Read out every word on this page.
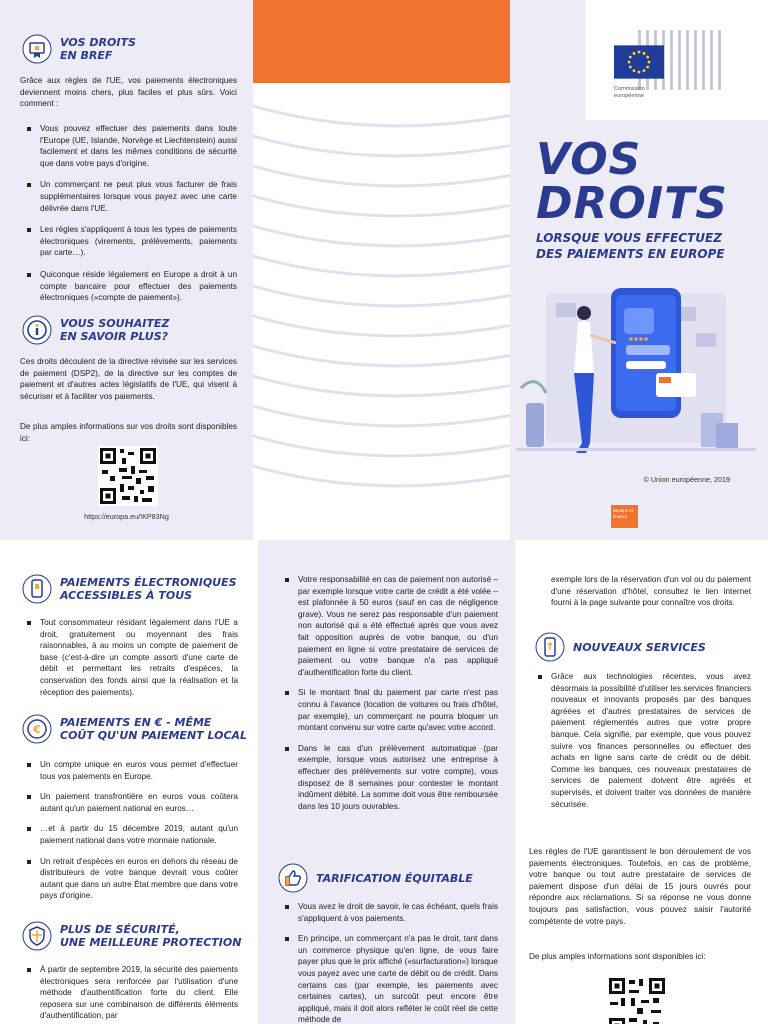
VOS DROITS
EN BREF

Grâce aux règles de l'UE, vos paiements électroniques deviennent moins chers, plus faciles et plus sûrs. Voici comment :

Vous pouvez effectuer des paiements dans toute l'Europe (UE, Islande, Norvège et Liechtenstein) aussi facilement et dans les mêmes conditions de sécurité que dans votre pays d'origine.
Un commerçant ne peut plus vous facturer de frais supplémentaires lorsque vous payez avec une carte délivrée dans l'UE.
Les règles s'appliquent à tous les types de paiements électroniques (virements, prélèvements, paiements par carte…).
Quiconque réside légalement en Europe a droit à un compte bancaire pour effectuer des paiements électroniques («compte de paiement»).
VOUS SOUHAITEZ
EN SAVOIR PLUS?

Ces droits découlent de la directive révisée sur les services de paiement (DSP2), de la directive sur les comptes de paiement et d'autres actes législatifs de l'UE, qui visent à sécuriser et à faciliter vos paiements.

De plus amples informations sur vos droits sont disponibles ici:

https://europa.eu/!KP83Ng
Commission
européenne
VOS
DROITS
LORSQUE VOUS EFFECTUEZ
DES PAIEMENTS EN EUROPE
© Union européenne, 2019
Banque et
finance
PAIEMENTS ÉLECTRONIQUES
ACCESSIBLES À TOUS
Tout consommateur résidant légalement dans l'UE a droit, gratuitement ou moyennant des frais raisonnables, à au moins un compte de paiement de base (c'est-à-dire un compte assorti d'une carte de débit et permettant les retraits d'espèces, la conservation des fonds ainsi que la réalisation et la réception des paiements).
€
PAIEMENTS EN € - MÊME
COÛT QU'UN PAIEMENT LOCAL
Un compte unique en euros vous permet d'effectuer tous vos paiements en Europe.
Un paiement transfrontière en euros vous coûtera autant qu'un paiement national en euros…
…et à partir du 15 décembre 2019, autant qu'un paiement national dans votre monnaie nationale.
Un retrait d'espèces en euros en dehors du réseau de distributeurs de votre banque devrait vous coûter autant que dans un autre État membre que dans votre pays d'origine.
PLUS DE SÉCURITÉ,
UNE MEILLEURE PROTECTION
À partir de septembre 2019, la sécurité des paiements électroniques sera renforcée par l'utilisation d'une méthode d'authentification forte du client. Elle reposera sur une combinaison de différents éléments d'authentification, par
Votre responsabilité en cas de paiement non autorisé – par exemple lorsque votre carte de crédit a été volée – est plafonnée à 50 euros (sauf en cas de négligence grave). Vous ne serez pas responsable d'un paiement non autorisé qui a été effectué après que vous avez fait opposition auprès de votre banque, ou d'un paiement en ligne si votre prestataire de services de paiement ou votre banque n'a pas appliqué d'authentification forte du client.
Si le montant final du paiement par carte n'est pas connu à l'avance (location de voitures ou frais d'hôtel, par exemple), un commerçant ne pourra bloquer un montant convenu sur votre carte qu'avec votre accord.
Dans le cas d'un prélèvement automatique (par exemple, lorsque vous autorisez une entreprise à effectuer des prélèvements sur votre compte), vous disposez de 8 semaines pour contester le montant indûment débité. La somme doit vous être remboursée dans les 10 jours ouvrables.
TARIFICATION ÉQUITABLE
Vous avez le droit de savoir, le cas échéant, quels frais s'appliquent à vos paiements.
En principe, un commerçant n'a pas le droit, tant dans un commerce physique qu'en ligne, de vous faire payer plus que le prix affiché («surfacturation») lorsque vous payez avec une carte de débit ou de crédit. Dans certains cas (par exemple, les paiements avec certaines cartes), un surcoût peut encore être appliqué, mais il doit alors refléter le coût réel de cette méthode de

exemple lors de la réservation d'un vol ou du paiement d'une réservation d'hôtel, consultez le lien internet fourni à la page suivante pour connaître vos droits.

NOUVEAUX SERVICES
Grâce aux technologies récentes, vous avez désormais la possibilité d'utiliser les services financiers nouveaux et innovants proposés par des banques agréées et d'autres prestataires de services de paiement réglementés autres que votre propre banque. Cela signifie, par exemple, que vous pouvez suivre vos finances personnelles ou effectuer des achats en ligne sans carte de crédit ou de débit. Comme les banques, ces nouveaux prestataires de services de paiement doivent être agréés et supervisés, et doivent traiter vos données de manière sécurisée.

Les règles de l'UE garantissent le bon déroulement de vos paiements électroniques. Toutefois, en cas de problème, votre banque ou tout autre prestataire de services de paiement dispose d'un délai de 15 jours ouvrés pour répondre aux réclamations. Si sa réponse ne vous donne toujours pas satisfaction, vous pouvez saisir l'autorité compétente de votre pays.

De plus amples informations sont disponibles ici:
